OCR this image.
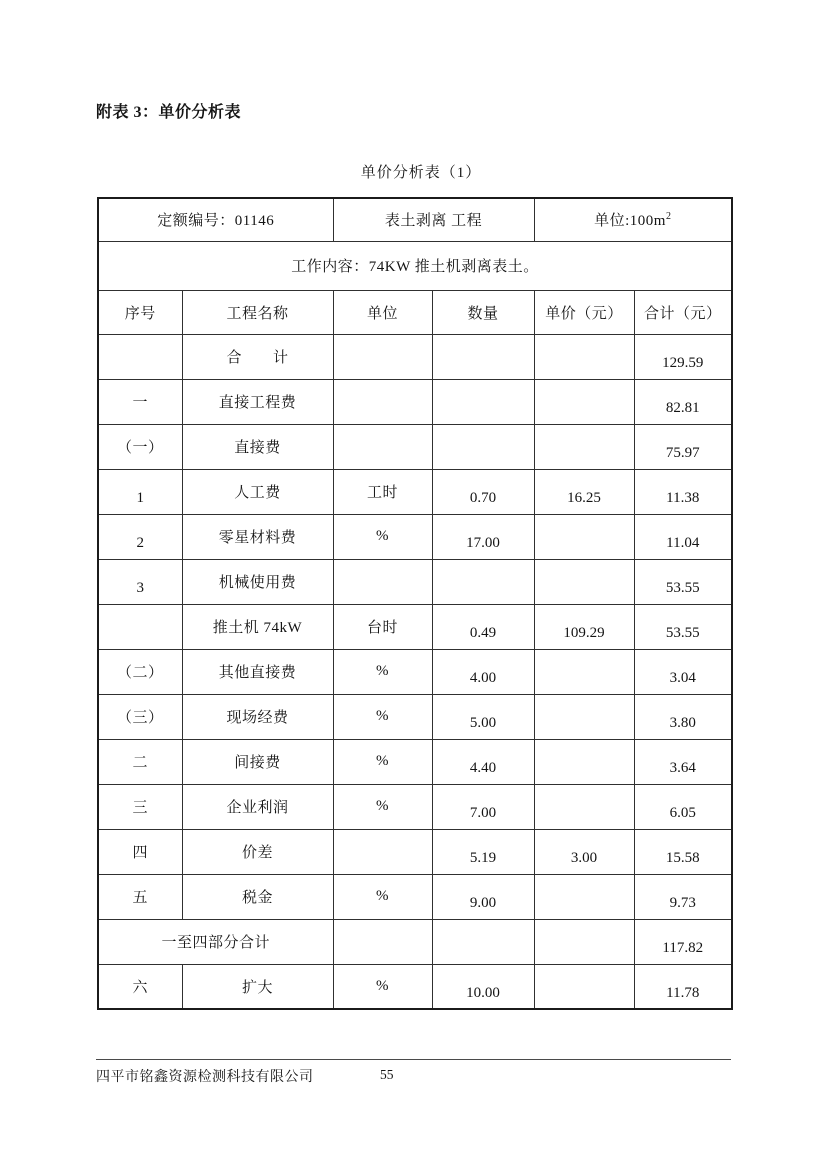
附表 3：单价分析表
单价分析表（1）
定额编号：01146		表土剥离 工程		单位$:100m^2$
工作内容：74KW 推土机剥离表土。					
序号	工程名称	单位	数量	单价（元）	合计（元）
	合　　计				129.59
一	直接工程费				82.81
（一）	直接费				75.97
1	人工费	工时	0.70	16.25	11.38
2	零星材料费	%	17.00		11.04
3	机械使用费				53.55
	推土机 74kW	台时	0.49	109.29	53.55
（二）	其他直接费	%	4.00		3.04
（三）	现场经费	%	5.00		3.80
二	间接费	%	4.40		3.64
三	企业利润	%	7.00		6.05
四	价差		5.19	3.00	15.58
五	税金	%	9.00		9.73
一至四部分合计					117.82
六	扩大	%	10.00		11.78
四平市铭鑫资源检测科技有限公司	55
